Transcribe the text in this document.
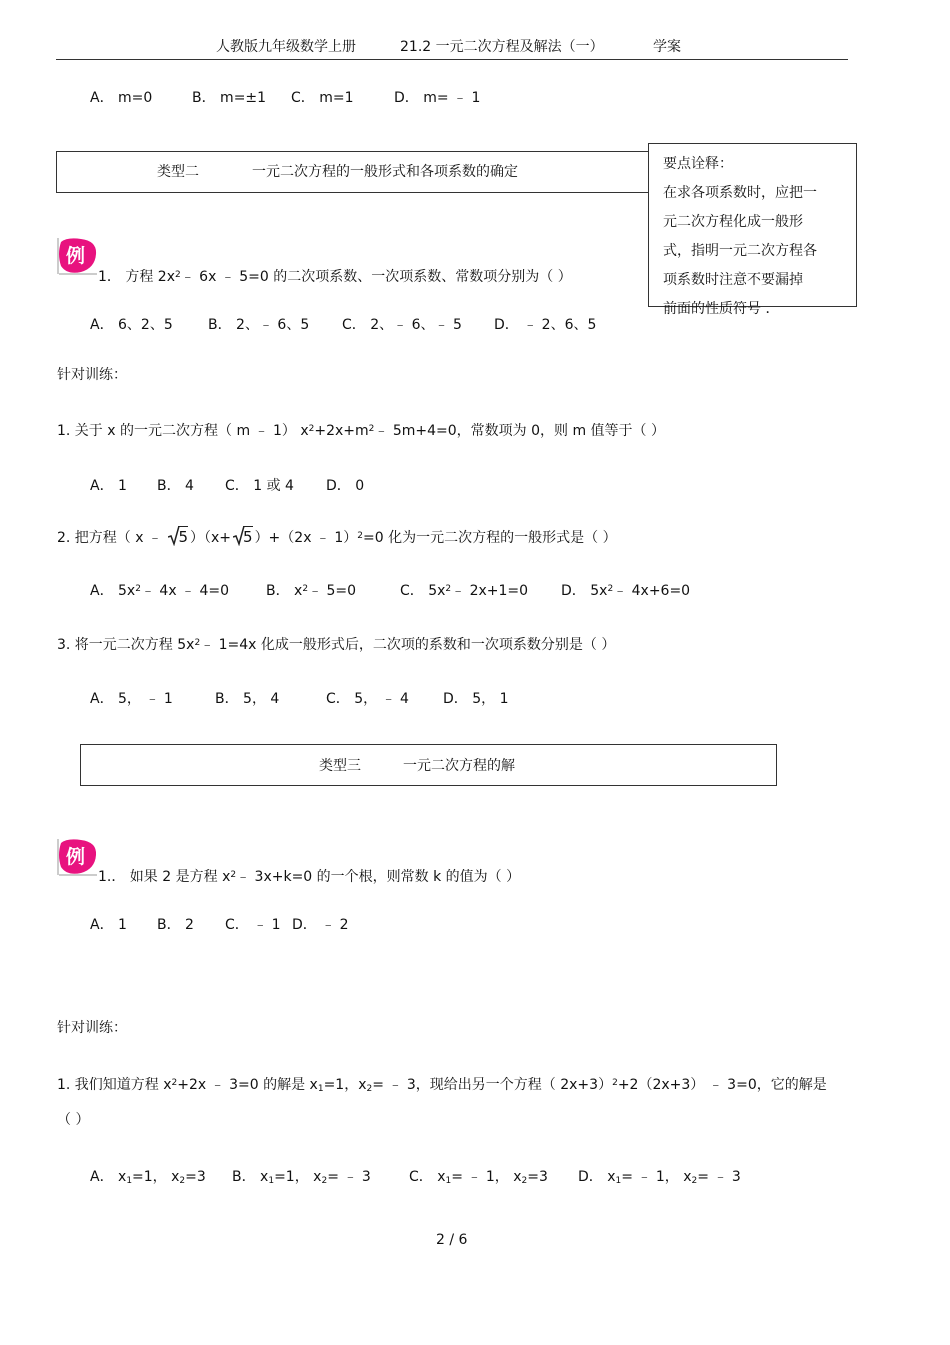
人教版九年级数学上册	21.2 一元二次方程及解法（一）	学案
A． m=0	B． m=±1 C． m=1	D． m= ﹣ 1
类型二	一元二次方程的一般形式和各项系数的确定	要点诠释：
在求各项系数时，应把一
元二次方程化成一般形
式，指明一元二次方程各
项系数时注意不要漏掉
前面的性质符号 ．
例
1． 方程 $2x^2﹣$ 6x ﹣ 5=0 的二次项系数、一次项系数、常数项分别为（ ）
A． 6、2、5	B． 2、﹣ 6、5 C． 2、﹣ 6、﹣ 5 D． ﹣ 2、6、5
针对训练：
1. 关于 x 的一元二次方程（ m ﹣ 1） $x^2+2x+m^2﹣$ 5m+4=0，常数项为 0，则 m 值等于（ ）
A． 1 B． 4 C． 1 或 4 D． 0
2. 把方程（ x ﹣ 5 ）（x+ 5 ）+（2x ﹣ 1）$^2$=0 化为一元二次方程的一般形式是（ ）
A． $5x^2﹣$ 4x ﹣ 4=0	B． $x^2﹣$ 5=0	C． $5x^2﹣$ 2x+1=0 D． $5x^2﹣$ 4x+6=0
3. 将一元二次方程 $5x^2﹣$ 1=4x 化成一般形式后，二次项的系数和一次项系数分别是（ ）
A． 5， ﹣ 1	B． 5， 4	C． 5， ﹣ 4 D． 5， 1
类型三	一元二次方程的解
例
1.． 如果 2 是方程 $x^2﹣$ 3x+k=0 的一个根，则常数 k 的值为（ ）
A． 1 B． 2 C． ﹣ 1 D． ﹣ 2
针对训练：
1. 我们知道方程 $x^2+2x$ ﹣ 3=0 的解是 $x_1=1$，$x_2=$ ﹣ 3，现给出另一个方程（ 2x+3）$^2$+2（2x+3） ﹣ 3=0，它的解是
（ ）
A． $x_1=1$， $x_2=3$ B． $x_1=1$， $x_2=$ ﹣ 3	C． $x_1=$ ﹣ 1， $x_2=3$ D． $x_1=$ ﹣ 1， $x_2=$ ﹣ 3
2 / 6
